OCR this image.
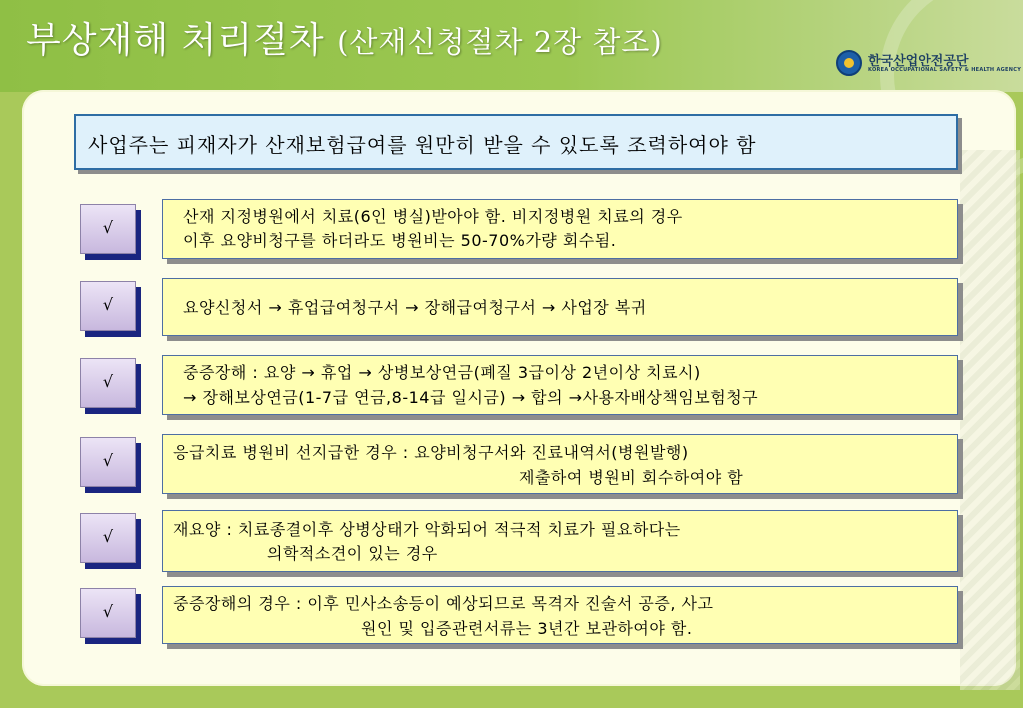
부상재해 처리절차 (산재신청절차 2장 참조)
한국산업안전공단
KOREA OCCUPATIONAL SAFETY & HEALTH AGENCY
사업주는 피재자가 산재보험급여를 원만히 받을 수 있도록 조력하여야 함
√
산재 지정병원에서 치료(6인 병실)받아야 함. 비지정병원 치료의 경우
이후 요양비청구를 하더라도 병원비는 50-70%가량 회수됨.
√	요양신청서 → 휴업급여청구서 → 장해급여청구서 → 사업장 복귀
√	중증장해 : 요양 → 휴업 → 상병보상연금(폐질 3급이상 2년이상 치료시)
→ 장해보상연금(1-7급 연금,8-14급 일시금) → 합의 →사용자배상책임보험청구
√	응급치료 병원비 선지급한 경우 : 요양비청구서와 진료내역서(병원발행)
제출하여 병원비 회수하여야 함
√	재요양 : 치료종결이후 상병상태가 악화되어 적극적 치료가 필요하다는
의학적소견이 있는 경우
√	중증장해의 경우 : 이후 민사소송등이 예상되므로 목격자 진술서 공증, 사고
원인 및 입증관련서류는 3년간 보관하여야 함.
